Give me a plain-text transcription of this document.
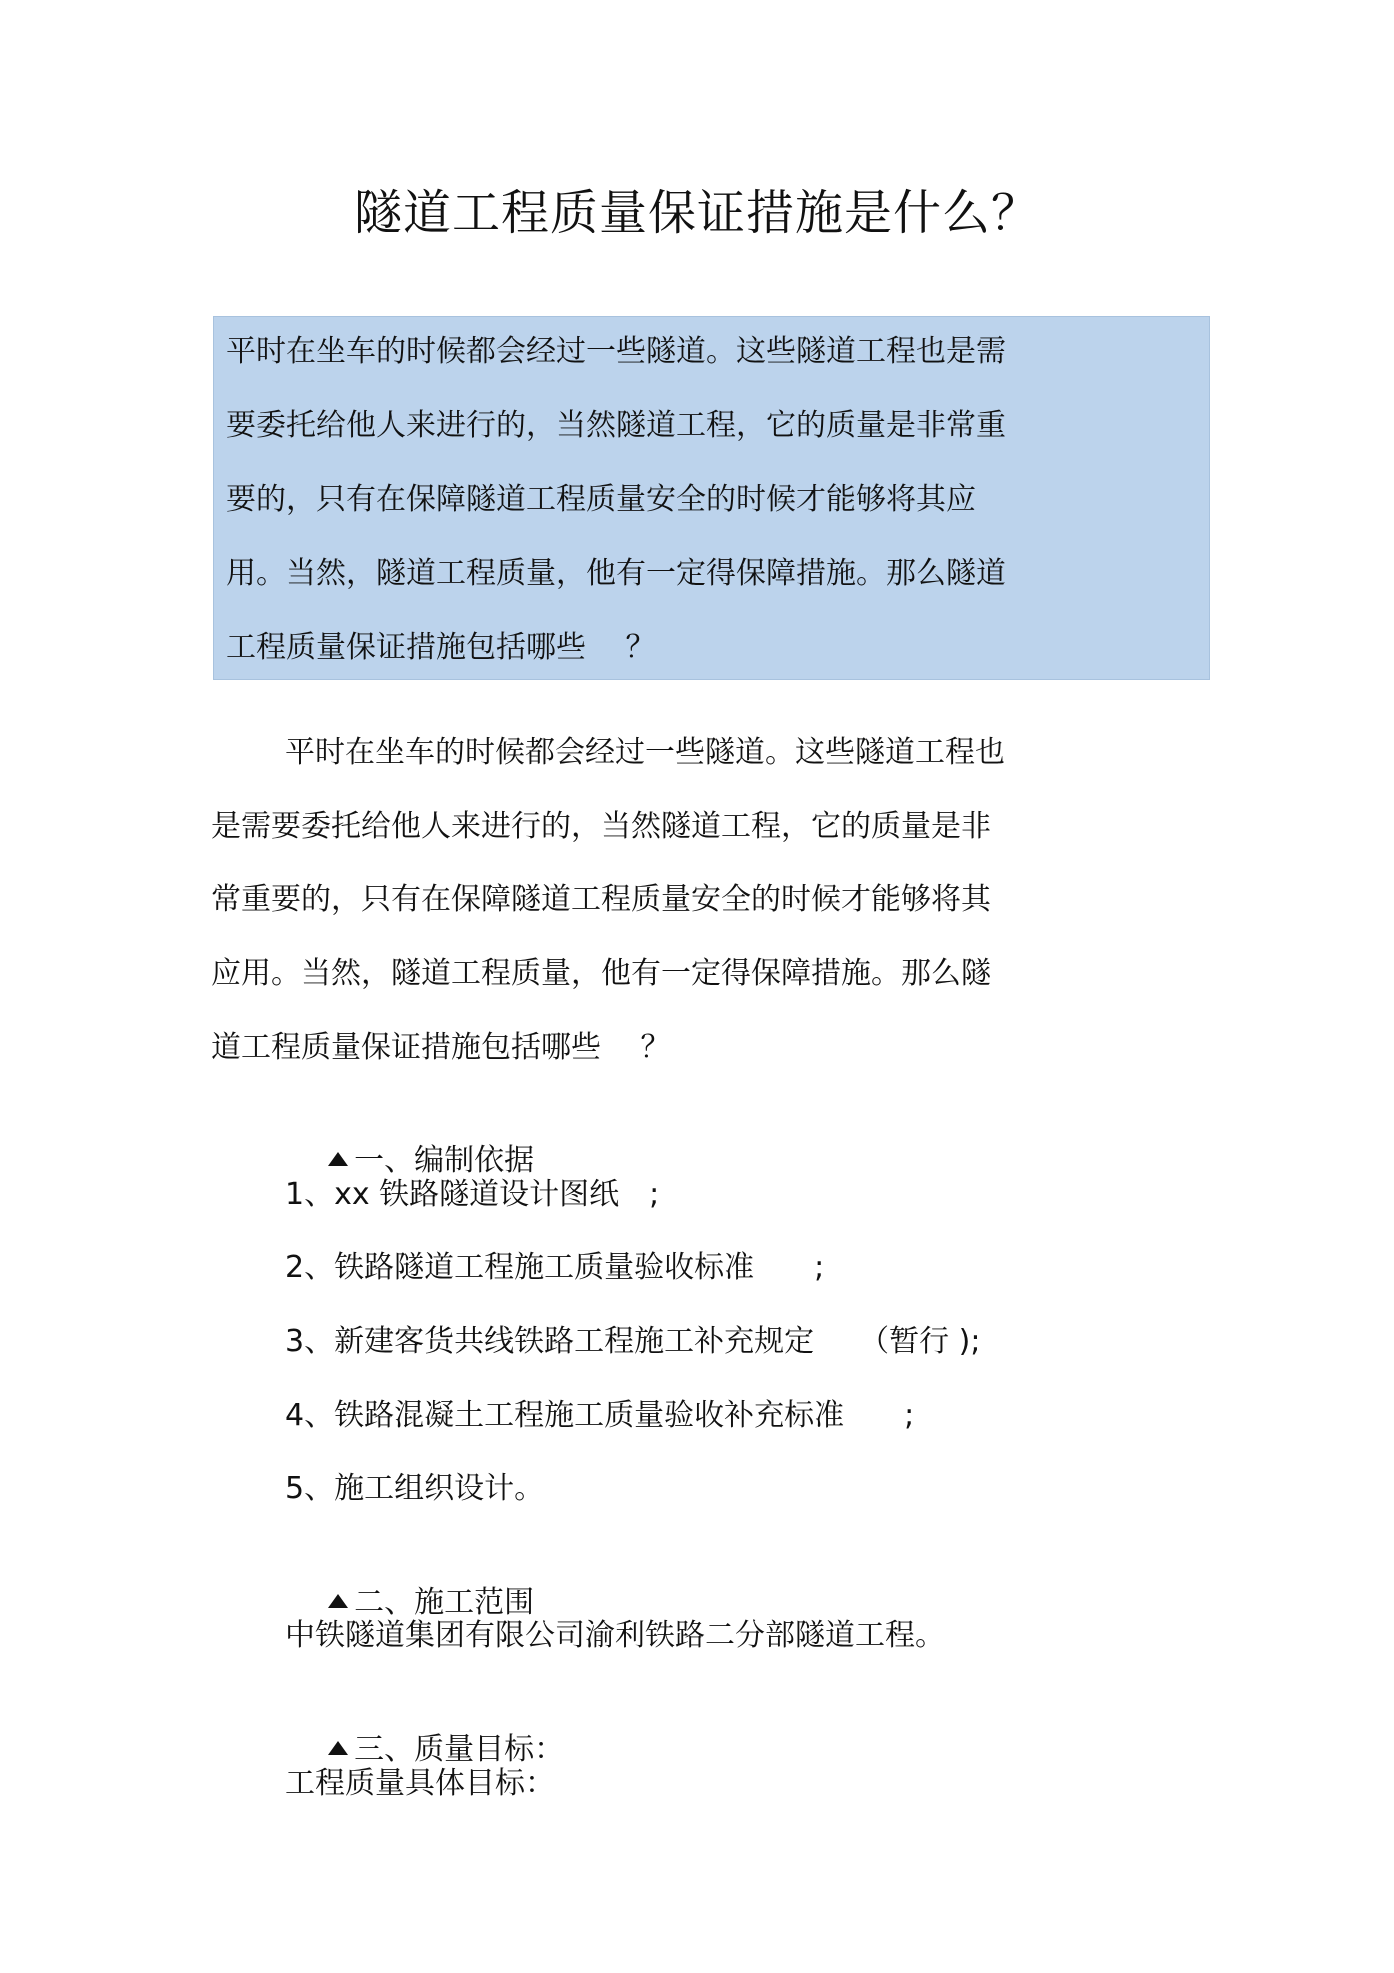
隧道工程质量保证措施是什么？
平时在坐车的时候都会经过一些隧道。这些隧道工程也是需
要委托给他人来进行的，当然隧道工程，它的质量是非常重
要的，只有在保障隧道工程质量安全的时候才能够将其应
用。当然，隧道工程质量，他有一定得保障措施。那么隧道
工程质量保证措施包括哪些　 ？
平时在坐车的时候都会经过一些隧道。这些隧道工程也
是需要委托给他人来进行的，当然隧道工程，它的质量是非
常重要的，只有在保障隧道工程质量安全的时候才能够将其
应用。当然，隧道工程质量，他有一定得保障措施。那么隧
道工程质量保证措施包括哪些　 ？

一、编制依据

1、xx 铁路隧道设计图纸　;
2、铁路隧道工程施工质量验收标准　　;
3、新建客货共线铁路工程施工补充规定　　（暂行 );
4、铁路混凝土工程施工质量验收补充标准　　;
5、施工组织设计。

二、施工范围

中铁隧道集团有限公司渝利铁路二分部隧道工程。

三、质量目标：

工程质量具体目标：
